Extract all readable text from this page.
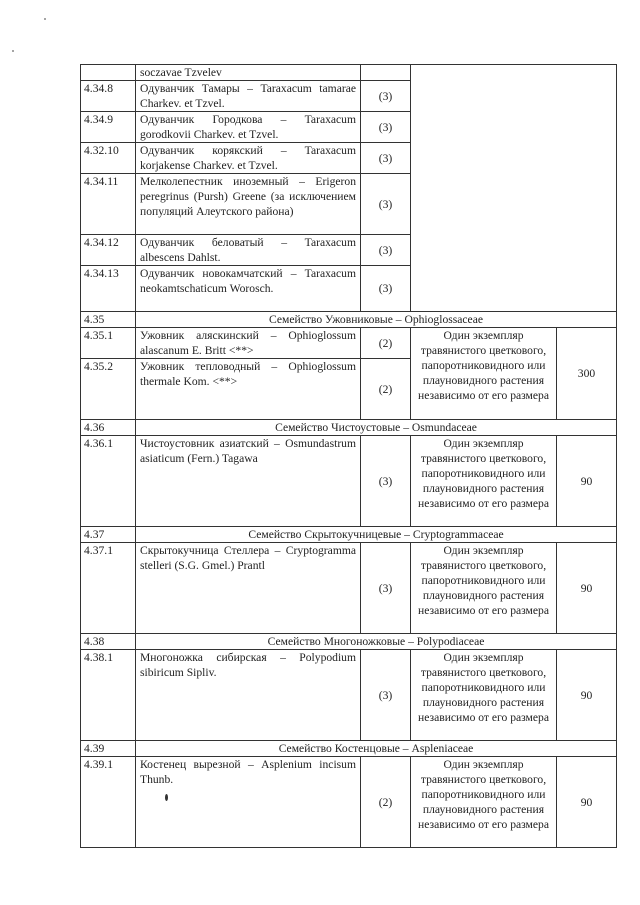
	soczavae Tzvelev			
4.34.8	Одуванчик Тамары – Taraxacum tamarae Charkev. et Tzvel.	(3)		
4.34.9	Одуванчик Городкова – Taraxacum gorodkovii Charkev. et Tzvel.	(3)		
4.32.10	Одуванчик корякский – Taraxacum korjakense Charkev. et Tzvel.	(3)		
4.34.11	Мелколепестник иноземный – Erigeron peregrinus (Pursh) Greene (за исключением популяций Алеутского района)	(3)		
4.34.12	Одуванчик беловатый – Taraxacum albescens Dahlst.	(3)		
4.34.13	Одуванчик новокамчатский – Taraxacum neokamtschaticum Worosch.	(3)		
4.35	Семейство Ужовниковые – Ophioglossaceae			
4.35.1	Ужовник аляскинский – Ophioglossum alascanum E. Britt <**>	(2)	Один экземпляр травянистого цветкового, папоротниковидного или плауновидного растения независимо от его размера	300
4.35.2	Ужовник тепловодный – Ophioglossum thermale Kom. <**>	(2)		
4.36	Семейство Чистоустовые – Osmundaceae			
4.36.1	Чистоустовник азиатский – Osmundastrum asiaticum (Fern.) Tagawa	(3)	Один экземпляр травянистого цветкового, папоротниковидного или плауновидного растения независимо от его размера	90
4.37	Семейство Скрытокучницевые – Cryptogrammaceae			
4.37.1	Скрытокучница Стеллера – Cryptogramma stelleri (S.G. Gmel.) Prantl	(3)	Один экземпляр травянистого цветкового, папоротниковидного или плауновидного растения независимо от его размера	90
4.38	Семейство Многоножковые – Polypodiaceae			
4.38.1	Многоножка сибирская – Polypodium sibiricum Sipliv.	(3)	Один экземпляр травянистого цветкового, папоротниковидного или плауновидного растения независимо от его размера	90
4.39	Семейство Костенцовые – Aspleniaceae			
4.39.1	Костенец вырезной – Asplenium incisum Thunb.	(2)	Один экземпляр травянистого цветкового, папоротниковидного или плауновидного растения независимо от его размера	90
